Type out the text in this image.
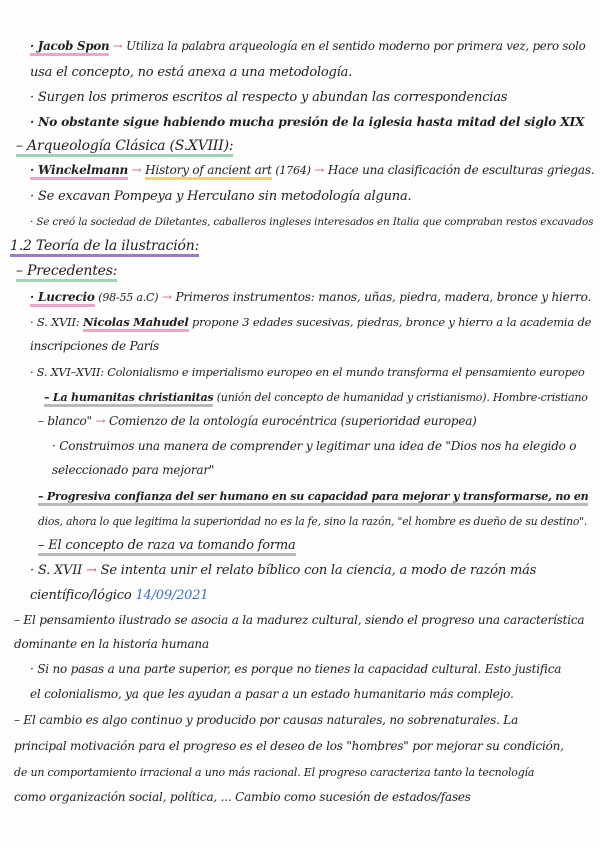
· Jacob Spon → Utiliza la palabra arqueología en el sentido moderno por primera vez, pero solo
usa el concepto, no está anexa a una metodología.
· Surgen los primeros escritos al respecto y abundan las correspondencias
· No obstante sigue habiendo mucha presión de la iglesia hasta mitad del siglo XIX
– Arqueología Clásica (S.XVIII):
· Winckelmann → History of ancient art (1764) → Hace una clasificación de esculturas griegas.
· Se excavan Pompeya y Herculano sin metodología alguna.
· Se creó la sociedad de Diletantes, caballeros ingleses interesados en Italia que compraban restos excavados
1.2 Teoría de la ilustración:
– Precedentes:
· Lucrecio (98-55 a.C) → Primeros instrumentos: manos, uñas, piedra, madera, bronce y hierro.
· S. XVII: Nicolas Mahudel propone 3 edades sucesivas, piedras, bronce y hierro a la academia de
inscripciones de París
· S. XVI–XVII: Colonialismo e imperialismo europeo en el mundo transforma el pensamiento europeo
– La humanitas christianitas (unión del concepto de humanidad y cristianismo). Hombre-cristiano
– blanco" → Comienzo de la ontología eurocéntrica (superioridad europea)
· Construimos una manera de comprender y legitimar una idea de "Dios nos ha elegido o
seleccionado para mejorar"
– Progresiva confianza del ser humano en su capacidad para mejorar y transformarse, no en
dios, ahora lo que legitima la superioridad no es la fe, sino la razón, "el hombre es dueño de su destino".
– El concepto de raza va tomando forma
· S. XVII → Se intenta unir el relato bíblico con la ciencia, a modo de razón más
científico/lógico 14/09/2021
– El pensamiento ilustrado se asocia a la madurez cultural, siendo el progreso una característica
dominante en la historia humana
· Si no pasas a una parte superior, es porque no tienes la capacidad cultural. Esto justifica
el colonialismo, ya que les ayudan a pasar a un estado humanitario más complejo.
– El cambio es algo continuo y producido por causas naturales, no sobrenaturales. La
principal motivación para el progreso es el deseo de los "hombres" por mejorar su condición,
de un comportamiento irracional a uno más racional. El progreso caracteriza tanto la tecnología
como organización social, política, ... Cambio como sucesión de estados/fases
